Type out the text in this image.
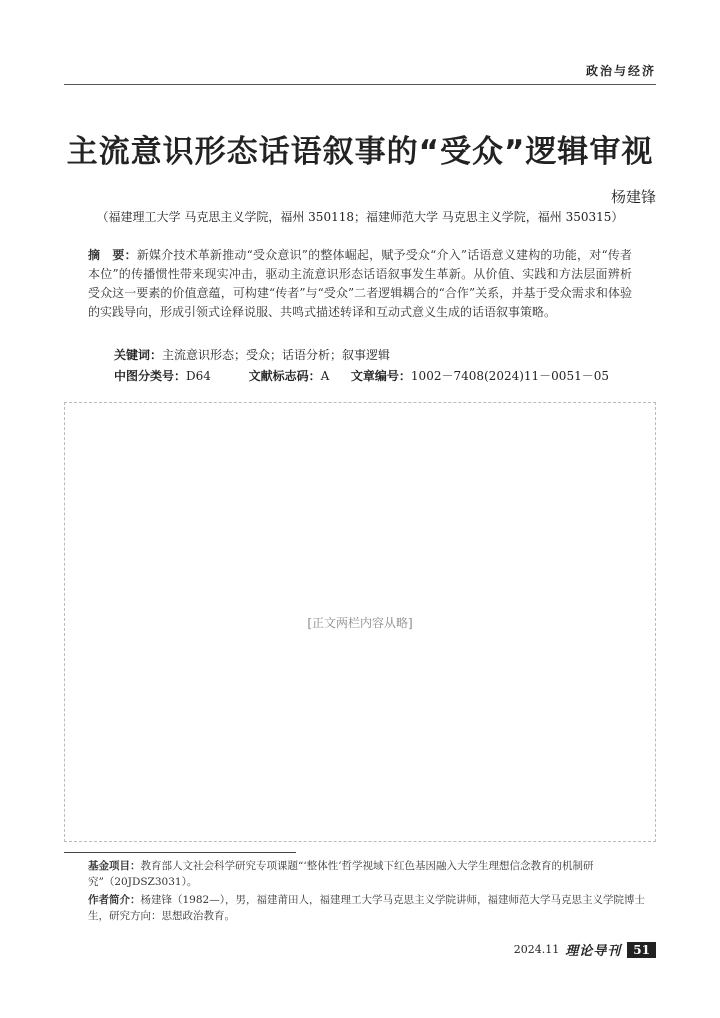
政治与经济
主流意识形态话语叙事的“受众”逻辑审视
杨建锋
（福建理工大学 马克思主义学院，福州 350118；福建师范大学 马克思主义学院，福州 350315）
摘　要：新媒介技术革新推动“受众意识”的整体崛起，赋予受众“介入”话语意义建构的功能，对“传者本位”的传播惯性带来现实冲击，驱动主流意识形态话语叙事发生革新。从价值、实践和方法层面辨析受众这一要素的价值意蕴，可构建“传者”与“受众”二者逻辑耦合的“合作”关系，并基于受众需求和体验的实践导向，形成引领式诠释说服、共鸣式描述转译和互动式意义生成的话语叙事策略。
关键词：主流意识形态；受众；话语分析；叙事逻辑
中图分类号：D64	文献标志码：A 文章编号：1002－7408(2024)11－0051－05
[正文两栏内容从略]
基金项目：教育部人文社会科学研究专项课题“‘整体性’哲学视域下红色基因融入大学生理想信念教育的机制研究”（20JDSZ3031）。
作者简介：杨建锋（1982—），男，福建莆田人，福建理工大学马克思主义学院讲师，福建师范大学马克思主义学院博士生，研究方向：思想政治教育。
2024.11 理论导刊	51
